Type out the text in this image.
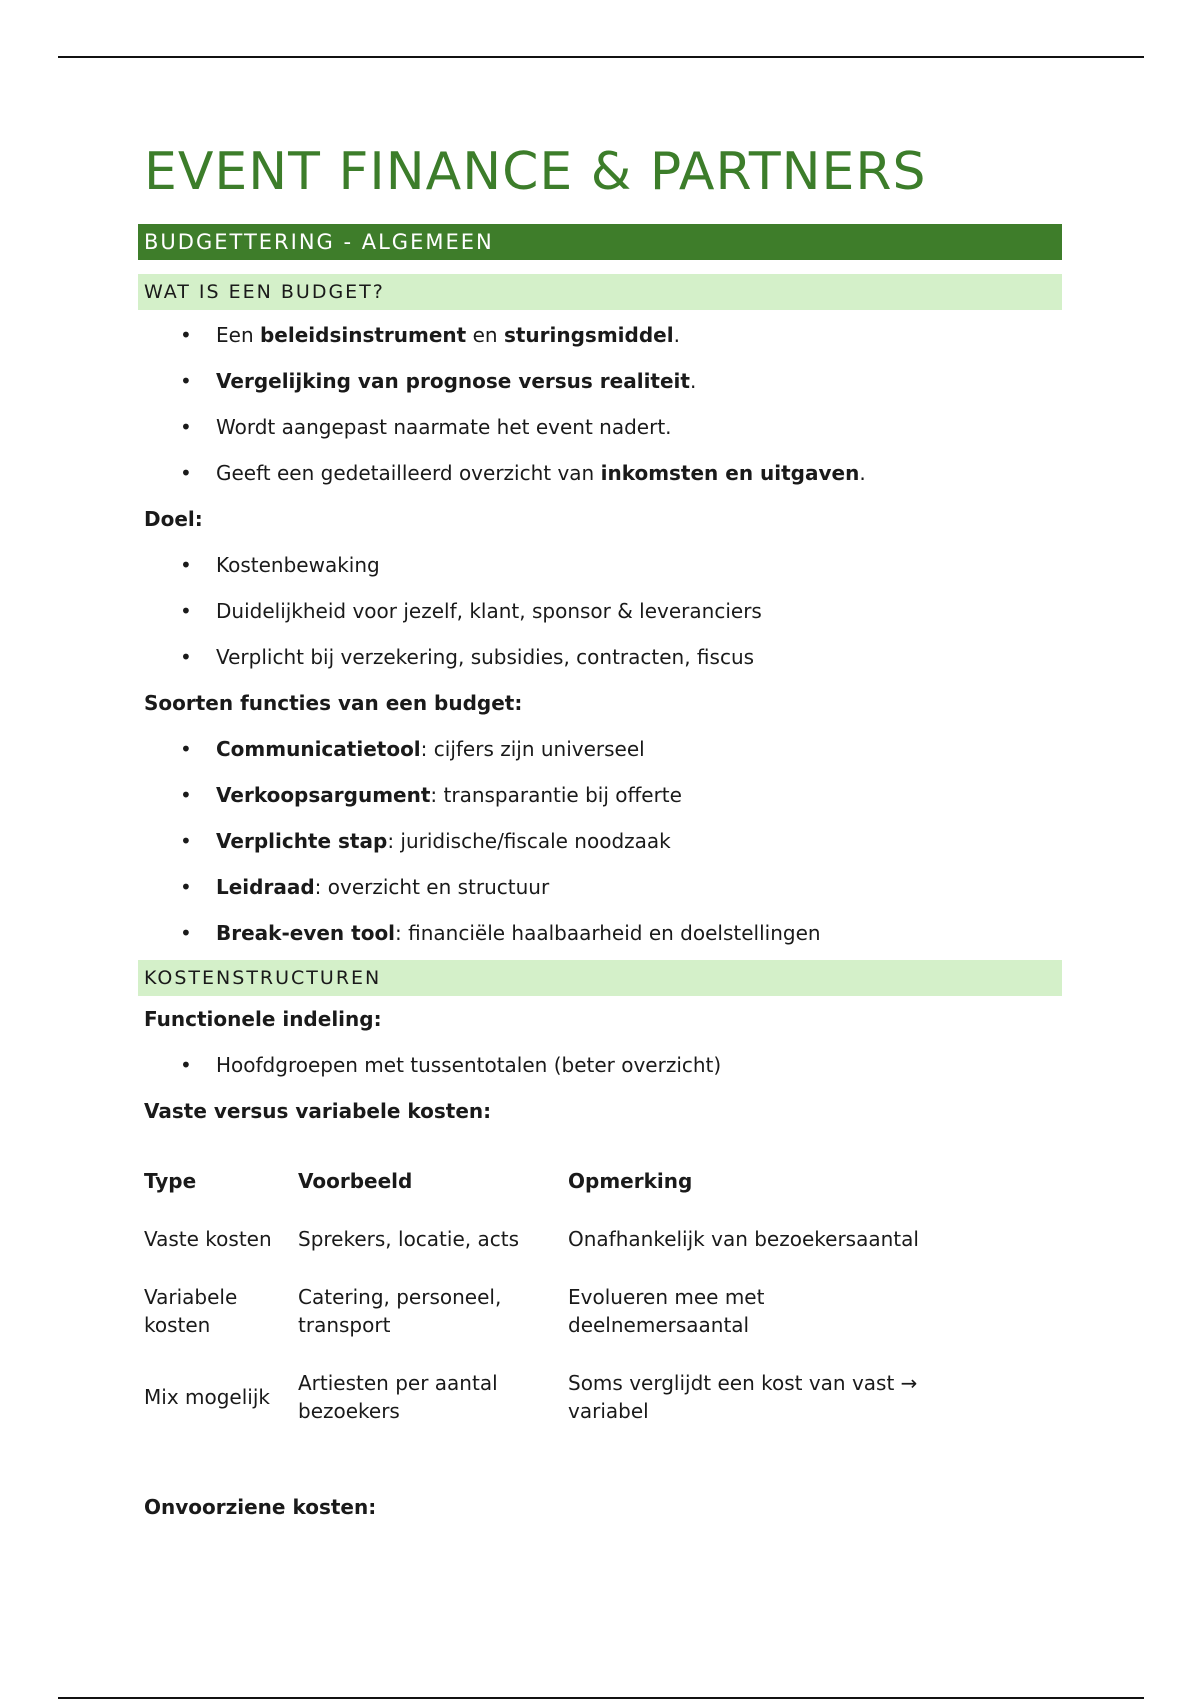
EVENT FINANCE & PARTNERS
BUDGETTERING - ALGEMEEN
WAT IS EEN BUDGET?
• Een beleidsinstrument en sturingsmiddel.
• Vergelijking van prognose versus realiteit.
• Wordt aangepast naarmate het event nadert.
• Geeft een gedetailleerd overzicht van inkomsten en uitgaven.
Doel:
• Kostenbewaking
• Duidelijkheid voor jezelf, klant, sponsor & leveranciers
• Verplicht bij verzekering, subsidies, contracten, fiscus
Soorten functies van een budget:
• Communicatietool: cijfers zijn universeel
• Verkoopsargument: transparantie bij offerte
• Verplichte stap: juridische/fiscale noodzaak
• Leidraad: overzicht en structuur
• Break-even tool: financiële haalbaarheid en doelstellingen
KOSTENSTRUCTUREN
Functionele indeling:
• Hoofdgroepen met tussentotalen (beter overzicht)
Vaste versus variabele kosten:
Type	Voorbeeld	Opmerking
Vaste kosten	Sprekers, locatie, acts	Onafhankelijk van bezoekersaantal
Variabele kosten	Catering, personeel, transport	Evolueren mee met deelnemersaantal
Mix mogelijk	Artiesten per aantal bezoekers	Soms verglijdt een kost van vast → variabel
Onvoorziene kosten:
